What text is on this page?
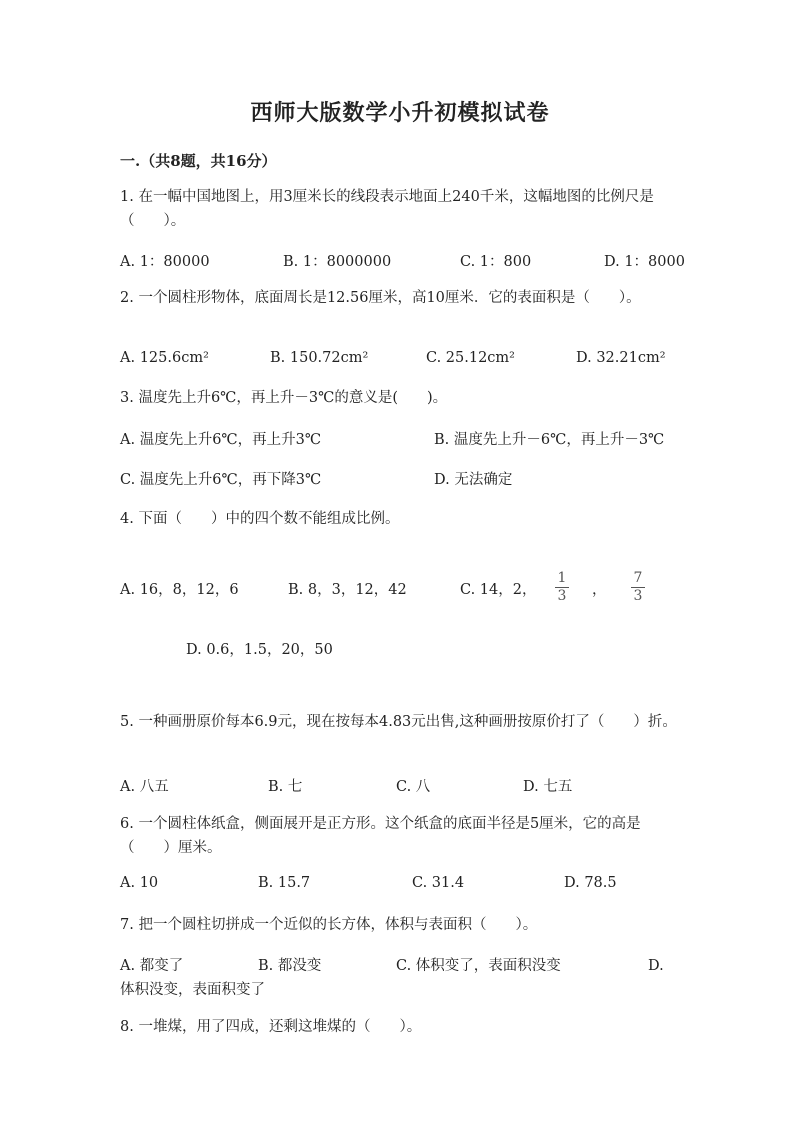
西师大版数学小升初模拟试卷
一.（共8题，共16分）
1. 在一幅中国地图上，用3厘米长的线段表示地面上240千米，这幅地图的比例尺是（　　）。
A. 1：80000	B. 1：8000000	C. 1：800	D. 1：8000
2. 一个圆柱形物体，底面周长是12.56厘米，高10厘米．它的表面积是（　　）。
A. 125.6cm²	B. 150.72cm²	C. 25.12cm²	D. 32.21cm²
3. 温度先上升6℃，再上升－3℃的意义是(　　)。
A. 温度先上升6℃，再上升3℃	B. 温度先上升－6℃，再上升－3℃
C. 温度先上升6℃，再下降3℃	D. 无法确定
4. 下面（　　）中的四个数不能组成比例。
A. 16，8，12，6	B. 8，3，12，42	C. 14，2，
1
3 ，
7
3
D. 0.6，1.5，20，50
5. 一种画册原价每本6.9元，现在按每本4.83元出售,这种画册按原价打了（　　）折。
A. 八五	B. 七	C. 八	D. 七五
6. 一个圆柱体纸盒，侧面展开是正方形。这个纸盒的底面半径是5厘米，它的高是（　　）厘米。
A. 10	B. 15.7	C. 31.4	D. 78.5
7. 把一个圆柱切拼成一个近似的长方体，体积与表面积（　　）。
A. 都变了	B. 都没变	C. 体积变了，表面积没变	D. 体积没变，表面积变了
8. 一堆煤，用了四成，还剩这堆煤的（　　）。
